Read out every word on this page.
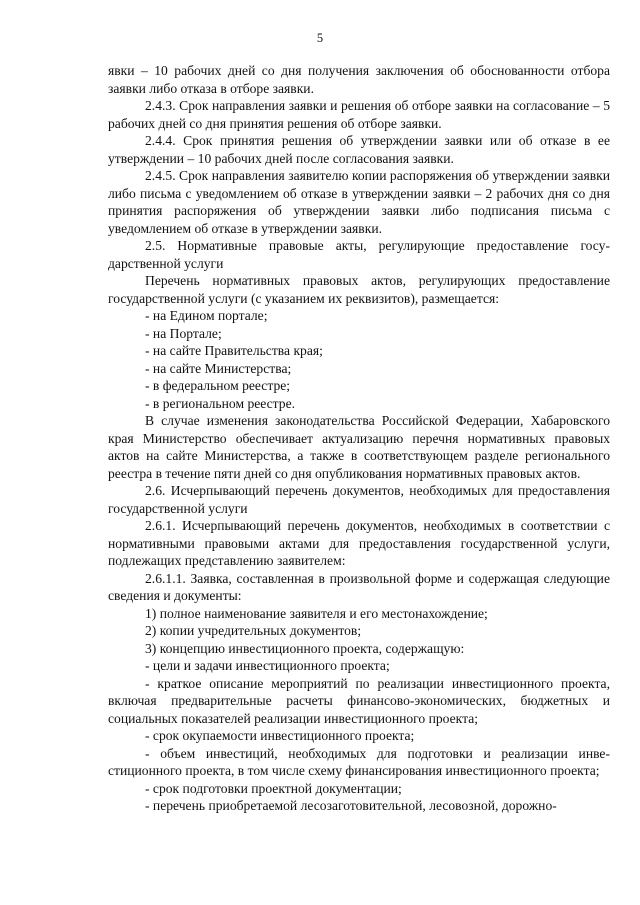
5

явки – 10 рабочих дней со дня получения заключения об обоснованности отбора заявки либо отказа в отборе заявки.

2.4.3. Срок направления заявки и решения об отборе заявки на согласование – 5 рабочих дней со дня принятия решения об отборе заявки.

2.4.4. Срок принятия решения об утверждении заявки или об отказе в ее утверждении – 10 рабочих дней после согласования заявки.

2.4.5. Срок направления заявителю копии распоряжения об утверждении заявки либо письма с уведомлением об отказе в утверждении заявки – 2 рабочих дня со дня принятия распоряжения об утверждении заявки либо подписания письма с уведомлением об отказе в утверждении заявки.

2.5. Нормативные правовые акты, регулирующие предоставление государственной услуги

Перечень нормативных правовых актов, регулирующих предоставление государственной услуги (с указанием их реквизитов), размещается:

- на Едином портале;

- на Портале;

- на сайте Правительства края;

- на сайте Министерства;

- в федеральном реестре;

- в региональном реестре.

В случае изменения законодательства Российской Федерации, Хабаровского края Министерство обеспечивает актуализацию перечня нормативных правовых актов на сайте Министерства, а также в соответствующем разделе регионального реестра в течение пяти дней со дня опубликования нормативных правовых актов.

2.6. Исчерпывающий перечень документов, необходимых для предоставления государственной услуги

2.6.1. Исчерпывающий перечень документов, необходимых в соответствии с нормативными правовыми актами для предоставления государственной услуги, подлежащих представлению заявителем:

2.6.1.1. Заявка, составленная в произвольной форме и содержащая следующие сведения и документы:

1) полное наименование заявителя и его местонахождение;

2) копии учредительных документов;

3) концепцию инвестиционного проекта, содержащую:

- цели и задачи инвестиционного проекта;

- краткое описание мероприятий по реализации инвестиционного проекта, включая предварительные расчеты финансово-экономических, бюджетных и социальных показателей реализации инвестиционного проекта;

- срок окупаемости инвестиционного проекта;

- объем инвестиций, необходимых для подготовки и реализации инвестиционного проекта, в том числе схему финансирования инвестиционного проекта;

- срок подготовки проектной документации;

- перечень приобретаемой лесозаготовительной, лесовозной, дорожно-
